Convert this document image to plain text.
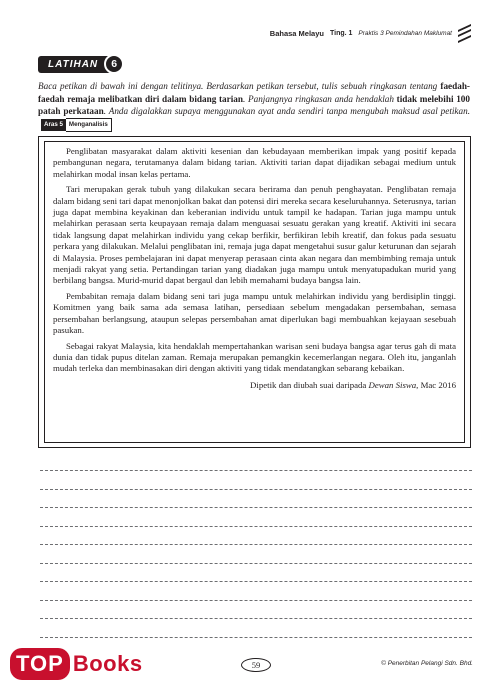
Bahasa Melayu Ting. 1 Praktis 3 Pemindahan Maklumat
LATIHAN	6
Baca petikan di bawah ini dengan telitinya. Berdasarkan petikan tersebut, tulis sebuah ringkasan tentang faedah-faedah remaja melibatkan diri dalam bidang tarian. Panjangnya ringkasan anda hendaklah tidak melebihi 100 patah perkataan. Anda digalakkan supaya menggunakan ayat anda sendiri tanpa mengubah maksud asal petikan.
Aras 5 Menganalisis

Penglibatan masyarakat dalam aktiviti kesenian dan kebudayaan memberikan impak yang positif kepada pembangunan negara, terutamanya dalam bidang tarian. Aktiviti tarian dapat dijadikan sebagai medium untuk melahirkan modal insan kelas pertama.

Tari merupakan gerak tubuh yang dilakukan secara berirama dan penuh penghayatan. Penglibatan remaja dalam bidang seni tari dapat menonjolkan bakat dan potensi diri mereka secara keseluruhannya. Seterusnya, tarian juga dapat membina keyakinan dan keberanian individu untuk tampil ke hadapan. Tarian juga mampu untuk melahirkan perasaan serta keupayaan remaja dalam menguasai sesuatu gerakan yang kreatif. Aktiviti ini secara tidak langsung dapat melahirkan individu yang cekap berfikir, berfikiran lebih kreatif, dan fokus pada sesuatu perkara yang dilakukan. Melalui penglibatan ini, remaja juga dapat mengetahui susur galur keturunan dan sejarah di Malaysia. Proses pembelajaran ini dapat menyerap perasaan cinta akan negara dan membimbing remaja untuk menjadi rakyat yang setia. Pertandingan tarian yang diadakan juga mampu untuk menyatupadukan murid yang berbilang bangsa. Murid-murid dapat bergaul dan lebih memahami budaya bangsa lain.

Pembabitan remaja dalam bidang seni tari juga mampu untuk melahirkan individu yang berdisiplin tinggi. Komitmen yang baik sama ada semasa latihan, persediaan sebelum mengadakan persembahan, semasa persembahan berlangsung, ataupun selepas persembahan amat diperlukan bagi membuahkan kejayaan sesebuah pasukan.

Sebagai rakyat Malaysia, kita hendaklah mempertahankan warisan seni budaya bangsa agar terus gah di mata dunia dan tidak pupus ditelan zaman. Remaja merupakan pemangkin kecemerlangan negara. Oleh itu, janganlah mudah terleka dan membinasakan diri dengan aktiviti yang tidak mendatangkan sebarang kebaikan.

Dipetik dan diubah suai daripada Dewan Siswa, Mac 2016
TOP Books	59	© Penerbitan Pelangi Sdn. Bhd.
